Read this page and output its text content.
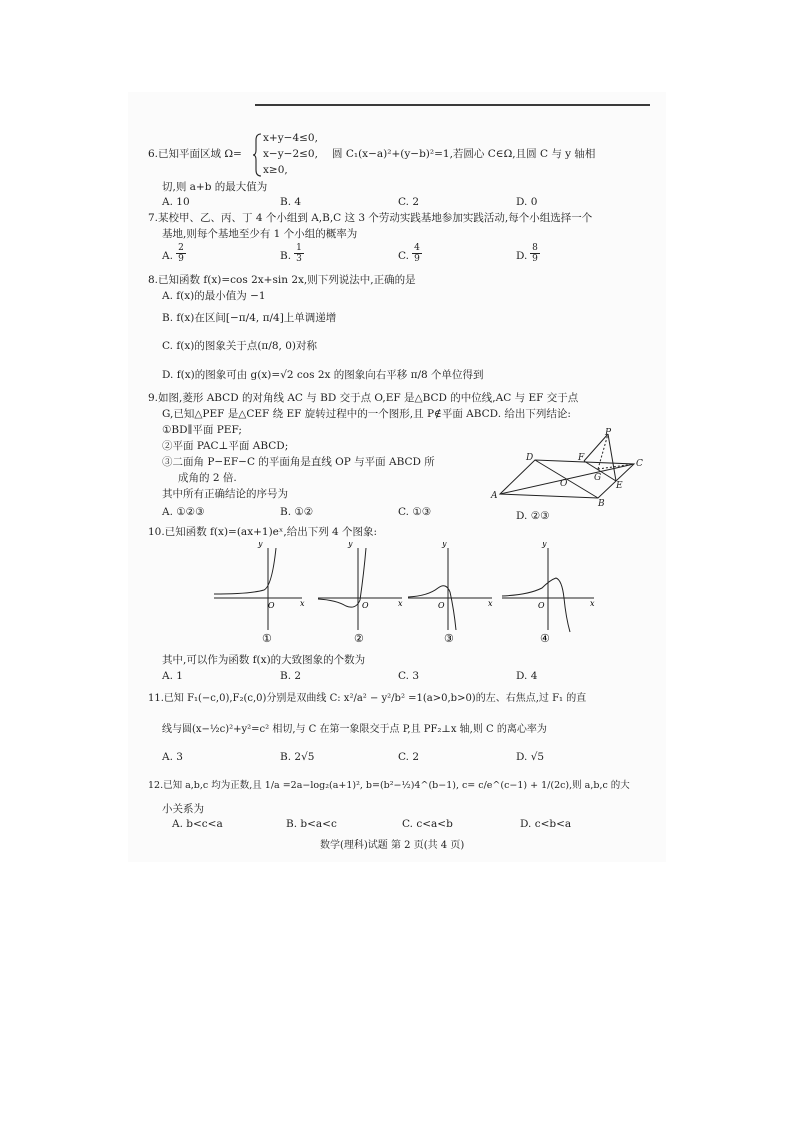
6.已知平面区域 Ω=
x+y−4≤0,
x−y−2≤0,
x≥0,
圆 C₁(x−a)²+(y−b)²=1,若圆心 C∈Ω,且圆 C 与 y 轴相
切,则 a+b 的最大值为
A. 10	B. 4	C. 2	D. 0
7.某校甲、乙、丙、丁 4 个小组到 A,B,C 这 3 个劳动实践基地参加实践活动,每个小组选择一个
基地,则每个基地至少有 1 个小组的概率为
A. $\frac{2}{9}$	B. $\frac{1}{3}$	C. $\frac{4}{9}$	D. $\frac{8}{9}$
8.已知函数 f(x)=cos 2x+sin 2x,则下列说法中,正确的是
A. f(x)的最小值为 −1
B. f(x)在区间[−π/4, π/4]上单调递增
C. f(x)的图象关于点(π/8, 0)对称
D. f(x)的图象可由 g(x)=√2 cos 2x 的图象向右平移 π/8 个单位得到
9.如图,菱形 ABCD 的对角线 AC 与 BD 交于点 O,EF 是△BCD 的中位线,AC 与 EF 交于点
G,已知△PEF 是△CEF 绕 EF 旋转过程中的一个图形,且 P∉平面 ABCD. 给出下列结论:
①BD∥平面 PEF;
②平面 PAC⊥平面 ABCD;
③二面角 P−EF−C 的平面角是直线 OP 与平面 ABCD 所
成角的 2 倍.
其中所有正确结论的序号为
A. ①②③	B. ①②	C. ①③	D. ②③
P
F
C
D
O
G
E
A
B
10.已知函数 f(x)=(ax+1)eˣ,给出下列 4 个图象:
y
x
O
①
y
x
O
②
y
x
O
③
y
x
O
④
其中,可以作为函数 f(x)的大致图象的个数为
A. 1	B. 2	C. 3	D. 4
11.已知 F₁(−c,0),F₂(c,0)分别是双曲线 C: x²/a² − y²/b² =1(a>0,b>0)的左、右焦点,过 F₁ 的直
线与圆(x−½c)²+y²=c² 相切,与 C 在第一象限交于点 P,且 PF₂⊥x 轴,则 C 的离心率为
A. 3	B. 2√5	C. 2	D. √5
12.已知 a,b,c 均为正数,且 1/a =2a−log₂(a+1)², b=(b²−½)4^(b−1), c= c/e^(c−1) + 1/(2c),则 a,b,c 的大
小关系为
A. b<c<a	B. b<a<c	C. c<a<b	D. c<b<a
数学(理科)试题 第 2 页(共 4 页)
